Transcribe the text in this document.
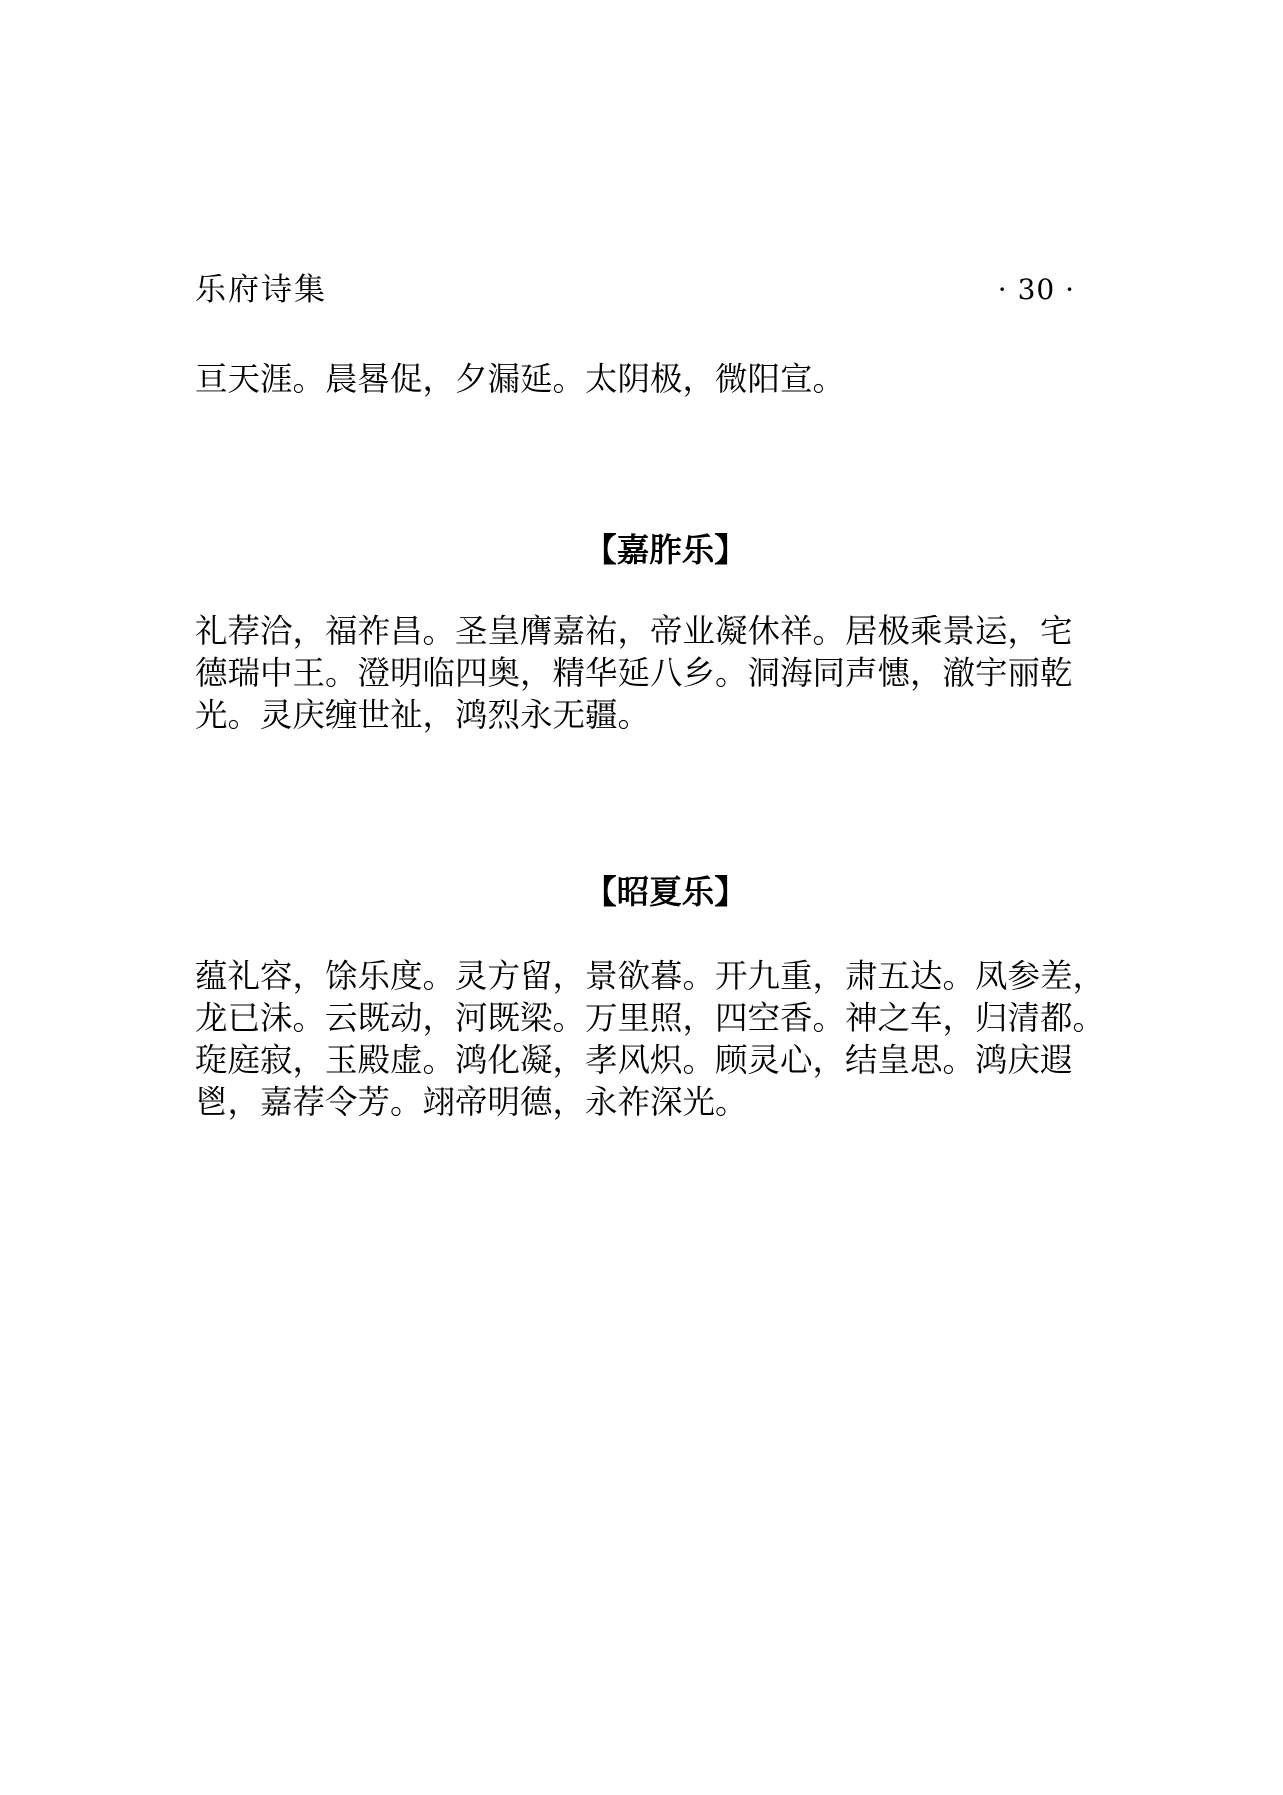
乐府诗集	· 30 ·

亘天涯。晨晷促，夕漏延。太阴极，微阳宣。

【嘉胙乐】

礼荐洽，福祚昌。圣皇膺嘉祐，帝业凝休祥。居极乘景运，宅
德瑞中王。澄明临四奥，精华延八乡。洞海同声憓，澈宇丽乾
光。灵庆缠世祉，鸿烈永无疆。

【昭夏乐】

蕴礼容，馀乐度。灵方留，景欲暮。开九重，肃五达。凤参差，
龙已沬。云既动，河既梁。万里照，四空香。神之车，归清都。
琁庭寂，玉殿虚。鸿化凝，孝风炽。顾灵心，结皇思。鸿庆遐
鬯，嘉荐令芳。翊帝明德，永祚深光。
